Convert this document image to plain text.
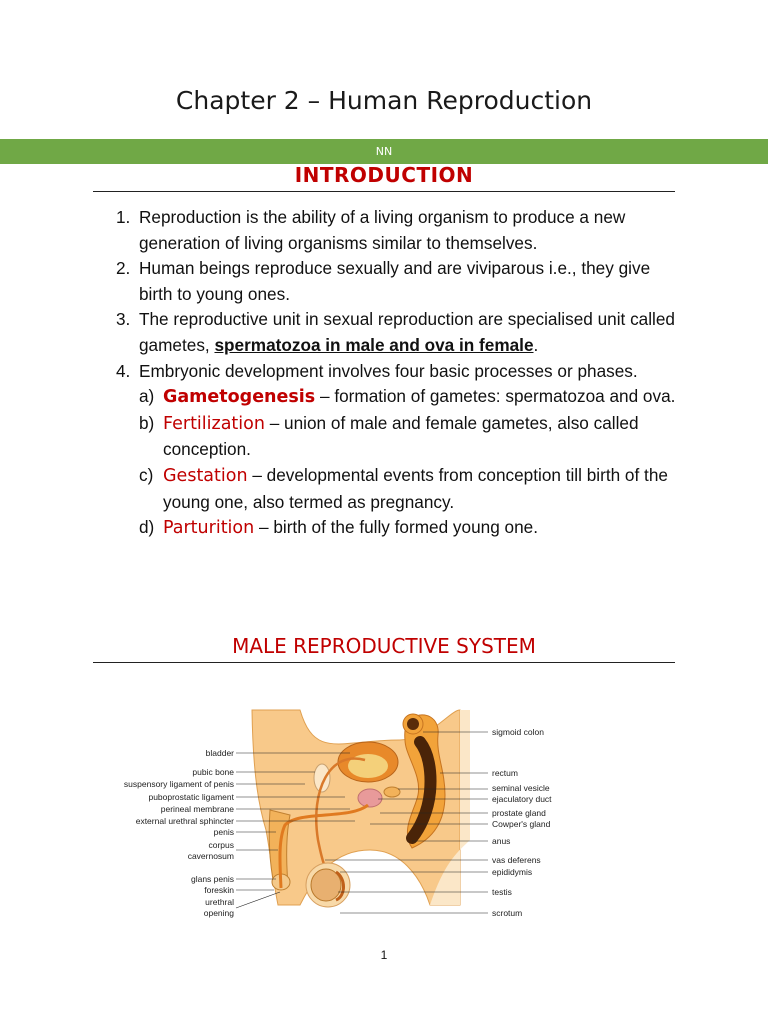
Chapter 2 – Human Reproduction
NN
INTRODUCTION
1. Reproduction is the ability of a living organism to produce a new generation of living organisms similar to themselves.
2. Human beings reproduce sexually and are viviparous i.e., they give birth to young ones.
3. The reproductive unit in sexual reproduction are specialised unit called gametes, spermatozoa in male and ova in female.
4. Embryonic development involves four basic processes or phases.
a) Gametogenesis – formation of gametes: spermatozoa and ova.
b) Fertilization – union of male and female gametes, also called conception.
c) Gestation – developmental events from conception till birth of the young one, also termed as pregnancy.
d) Parturition – birth of the fully formed young one.
MALE REPRODUCTIVE SYSTEM
bladder
pubic bone
suspensory ligament of penis
puboprostatic ligament
perineal membrane
external urethral sphincter
penis
corpus
cavernosum
glans penis
foreskin
urethral
opening
sigmoid colon
rectum
seminal vesicle
ejaculatory duct
prostate gland
Cowper's gland
anus
vas deferens
epididymis
testis
scrotum
1
